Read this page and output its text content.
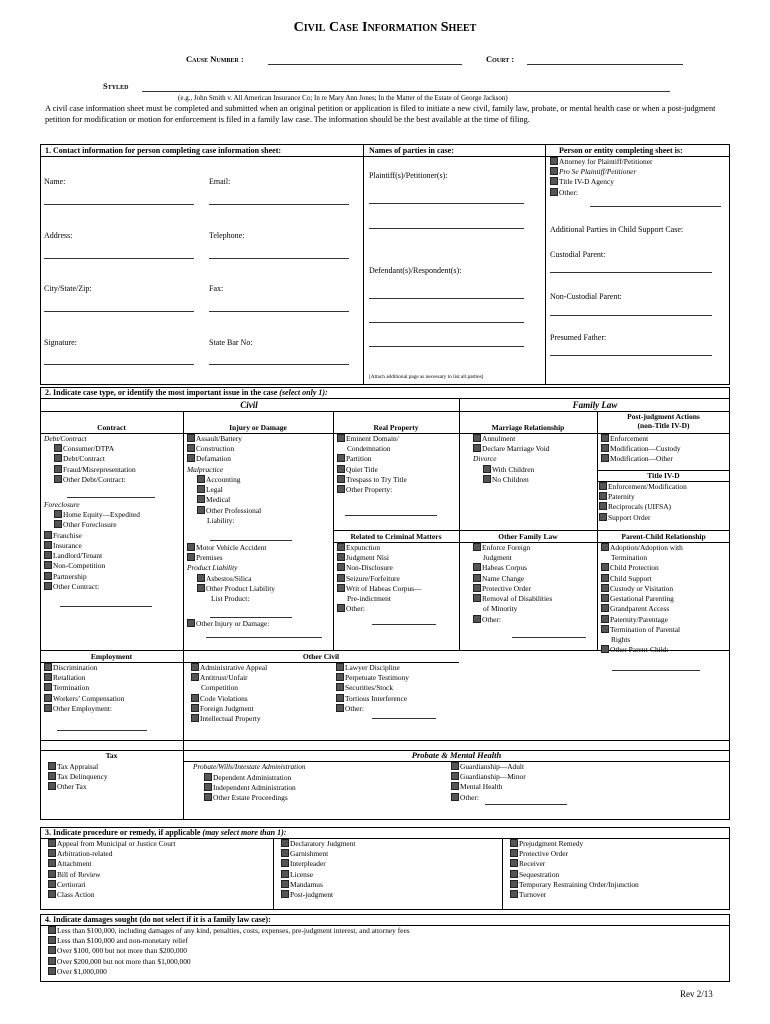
Civil Case Information Sheet
Cause Number :	Court :
Styled
(e.g., John Smith v. All American Insurance Co; In re Mary Ann Jones; In the Matter of the Estate of George Jackson)
A civil case information sheet must be completed and submitted when an original petition or application is filed to initiate a new civil, family law, probate, or mental health case or when a post-judgment petition for modification or motion for enforcement is filed in a family law case. The information should be the best available at the time of filing.
1. Contact information for person completing case information sheet:
Name:	Email:
Address:	Telephone:
City/State/Zip:	Fax:
Signature:	State Bar No:
Names of parties in case:
Plaintiff(s)/Petitioner(s):
Defendant(s)/Respondent(s):
[Attach additional page as necessary to list all parties]
Person or entity completing sheet is:
Attorney for Plaintiff/Petitioner
Pro Se Plaintiff/Petitioner
Title IV-D Agency
Other:
Additional Parties in Child Support Case:
Custodial Parent:
Non-Custodial Parent:
Presumed Father:
2. Indicate case type, or identify the most important issue in the case (select only 1):
Civil	Family Law
Contract
Debt/Contract
Consumer/DTPA
Debt/Contract
Fraud/Misrepresentation
Other Debt/Contract:
Foreclosure
Home Equity—Expedited
Other Foreclosure
Franchise
Insurance
Landlord/Tenant
Non-Competition
Partnership
Other Contract:
Injury or Damage
Assault/Battery
Construction
Defamation
Malpractice
Accounting
Legal
Medical
Other Professional
Liability:
Motor Vehicle Accident
Premises
Product Liability
Asbestos/Silica
Other Product Liability
List Product:
Other Injury or Damage:
Real Property
Eminent Domain/
Condemnation
Partition
Quiet Title
Trespass to Try Title
Other Property:
Related to Criminal Matters
Expunction
Judgment Nisi
Non-Disclosure
Seizure/Forfeiture
Writ of Habeas Corpus—
Pre-indictment
Other:
Marriage Relationship
Annulment
Declare Marriage Void
Divorce
With Children
No Children
Other Family Law
Enforce Foreign
Judgment
Habeas Corpus
Name Change
Protective Order
Removal of Disabilities
of Minority
Other:
Post-judgment Actions
(non-Title IV-D)
Enforcement
Modification—Custody
Modification—Other
Title IV-D
Enforcement/Modification
Paternity
Reciprocals (UIFSA)
Support Order
Parent-Child Relationship
Adoption/Adoption with
Termination
Child Protection
Child Support
Custody or Visitation
Gestational Parenting
Grandparent Access
Paternity/Parentage
Termination of Parental
Rights
Other Parent-Child:
Employment
Discrimination
Retaliation
Termination
Workers’ Compensation
Other Employment:
Other Civil
Administrative Appeal
Antitrust/Unfair
Competition
Code Violations
Foreign Judgment
Intellectual Property
Lawyer Discipline
Perpetuate Testimony
Securities/Stock
Tortious Interference
Other:
Tax
Tax Appraisal
Tax Delinquency
Other Tax
Probate & Mental Health
Probate/Wills/Intestate Administration
Dependent Administration
Independent Administration
Other Estate Proceedings
Guardianship—Adult
Guardianship—Minor
Mental Health
Other:
3. Indicate procedure or remedy, if applicable (may select more than 1):
Appeal from Municipal or Justice Court
Arbitration-related
Attachment
Bill of Review
Certiorari
Class Action
Declaratory Judgment
Garnishment
Interpleader
License
Mandamus
Post-judgment
Prejudgment Remedy
Protective Order
Receiver
Sequestration
Temporary Restraining Order/Injunction
Turnover
4. Indicate damages sought (do not select if it is a family law case):
Less than $100,000, including damages of any kind, penalties, costs, expenses, pre-judgment interest, and attorney fees
Less than $100,000 and non-monetary relief
Over $100, 000 but not more than $200,000
Over $200,000 but not more than $1,000,000
Over $1,000,000
Rev 2/13
